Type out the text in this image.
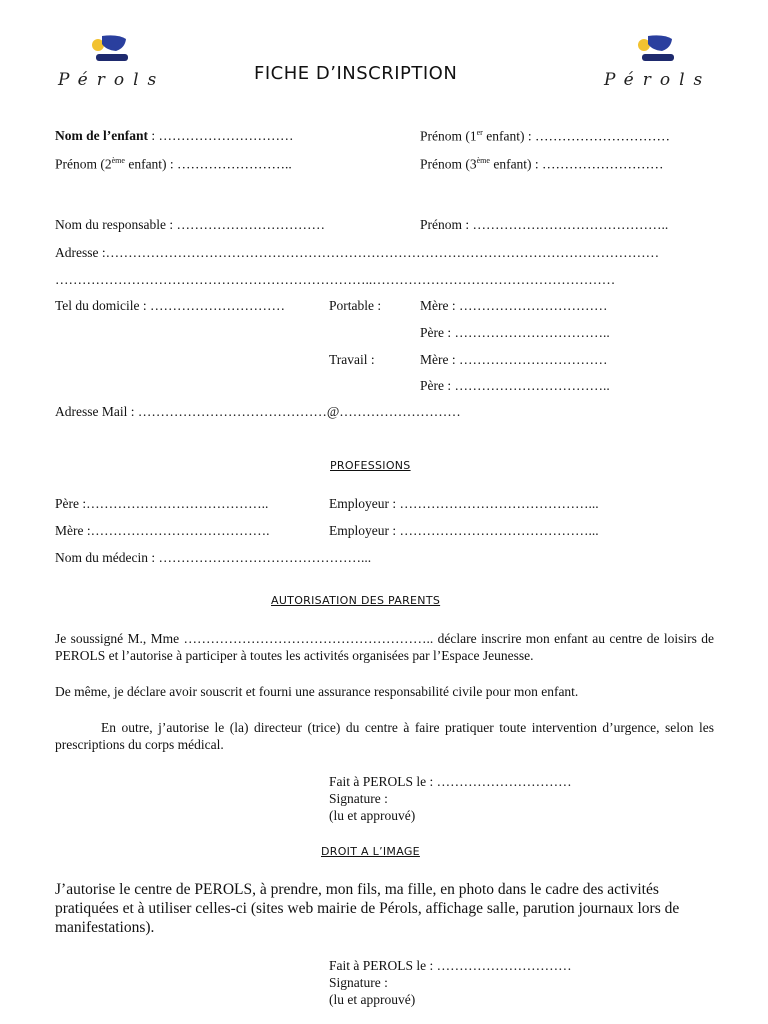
Pérols	Pérols
FICHE D’INSCRIPTION
Nom de l’enfant : …………………………	Prénom (1er enfant) : …………………………
Prénom (2ème enfant) : ……………………..	Prénom (3ème enfant) : ………………………
Nom du responsable : ……………………………	Prénom : ……………………………………..
Adresse :……………………………………………………………………………………………………………
……………………………………………………………..………………………………………………
Tel du domicile : …………………………	Portable :	Mère : ……………………………
Père : ……………………………..
Travail :	Mère : ……………………………
Père : ……………………………..
Adresse Mail : ……………………………………@………………………
PROFESSIONS
Père :…………………………………..	Employeur : ……………………………………...
Mère :………………………………….	Employeur : ……………………………………...
Nom du médecin : ………………………………………...
AUTORISATION DES PARENTS
Je soussigné M., Mme ……………………………………………….. déclare inscrire mon enfant au centre de loisirs de PEROLS et l’autorise à participer à toutes les activités organisées par l’Espace Jeunesse.
De même, je déclare avoir souscrit et fourni une assurance responsabilité civile pour mon enfant.
En outre, j’autorise le (la) directeur (trice) du centre à faire pratiquer toute intervention d’urgence, selon les prescriptions du corps médical.
Fait à PEROLS le : …………………………
Signature :
(lu et approuvé)
DROIT A L’IMAGE
J’autorise le centre de PEROLS, à prendre, mon fils, ma fille, en photo dans le cadre des activités pratiquées et à utiliser celles-ci (sites web mairie de Pérols, affichage salle, parution journaux lors de manifestations).
Fait à PEROLS le : …………………………
Signature :
(lu et approuvé)
